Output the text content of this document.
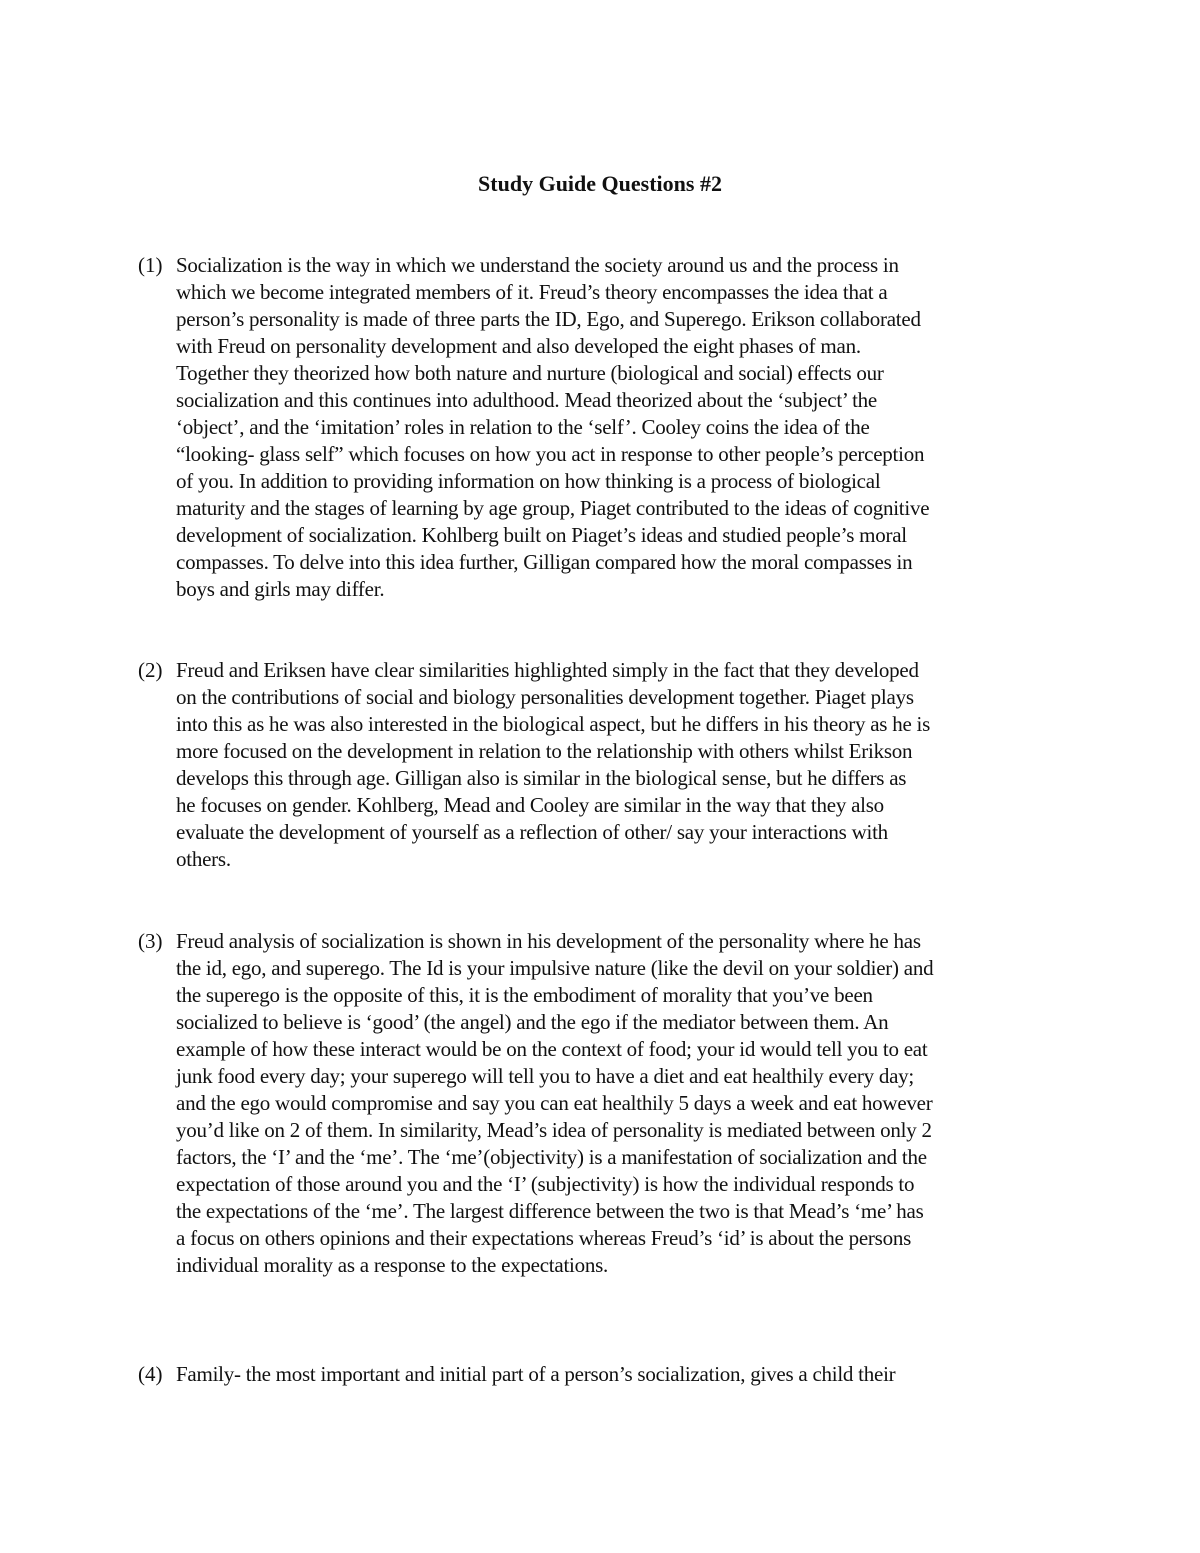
Study Guide Questions #2
(1) Socialization is the way in which we understand the society around us and the process in
which we become integrated members of it. Freud’s theory encompasses the idea that a
person’s personality is made of three parts the ID, Ego, and Superego. Erikson collaborated
with Freud on personality development and also developed the eight phases of man.
Together they theorized how both nature and nurture (biological and social) effects our
socialization and this continues into adulthood. Mead theorized about the ‘subject’ the
‘object’, and the ‘imitation’ roles in relation to the ‘self’. Cooley coins the idea of the
“looking- glass self” which focuses on how you act in response to other people’s perception
of you. In addition to providing information on how thinking is a process of biological
maturity and the stages of learning by age group, Piaget contributed to the ideas of cognitive
development of socialization. Kohlberg built on Piaget’s ideas and studied people’s moral
compasses. To delve into this idea further, Gilligan compared how the moral compasses in
boys and girls may differ.
(2) Freud and Eriksen have clear similarities highlighted simply in the fact that they developed
on the contributions of social and biology personalities development together. Piaget plays
into this as he was also interested in the biological aspect, but he differs in his theory as he is
more focused on the development in relation to the relationship with others whilst Erikson
develops this through age. Gilligan also is similar in the biological sense, but he differs as
he focuses on gender. Kohlberg, Mead and Cooley are similar in the way that they also
evaluate the development of yourself as a reflection of other/ say your interactions with
others.
(3) Freud analysis of socialization is shown in his development of the personality where he has
the id, ego, and superego. The Id is your impulsive nature (like the devil on your soldier) and
the superego is the opposite of this, it is the embodiment of morality that you’ve been
socialized to believe is ‘good’ (the angel) and the ego if the mediator between them. An
example of how these interact would be on the context of food; your id would tell you to eat
junk food every day; your superego will tell you to have a diet and eat healthily every day;
and the ego would compromise and say you can eat healthily 5 days a week and eat however
you’d like on 2 of them. In similarity, Mead’s idea of personality is mediated between only 2
factors, the ‘I’ and the ‘me’. The ‘me’(objectivity) is a manifestation of socialization and the
expectation of those around you and the ‘I’ (subjectivity) is how the individual responds to
the expectations of the ‘me’. The largest difference between the two is that Mead’s ‘me’ has
a focus on others opinions and their expectations whereas Freud’s ‘id’ is about the persons
individual morality as a response to the expectations.
(4) Family- the most important and initial part of a person’s socialization, gives a child their
